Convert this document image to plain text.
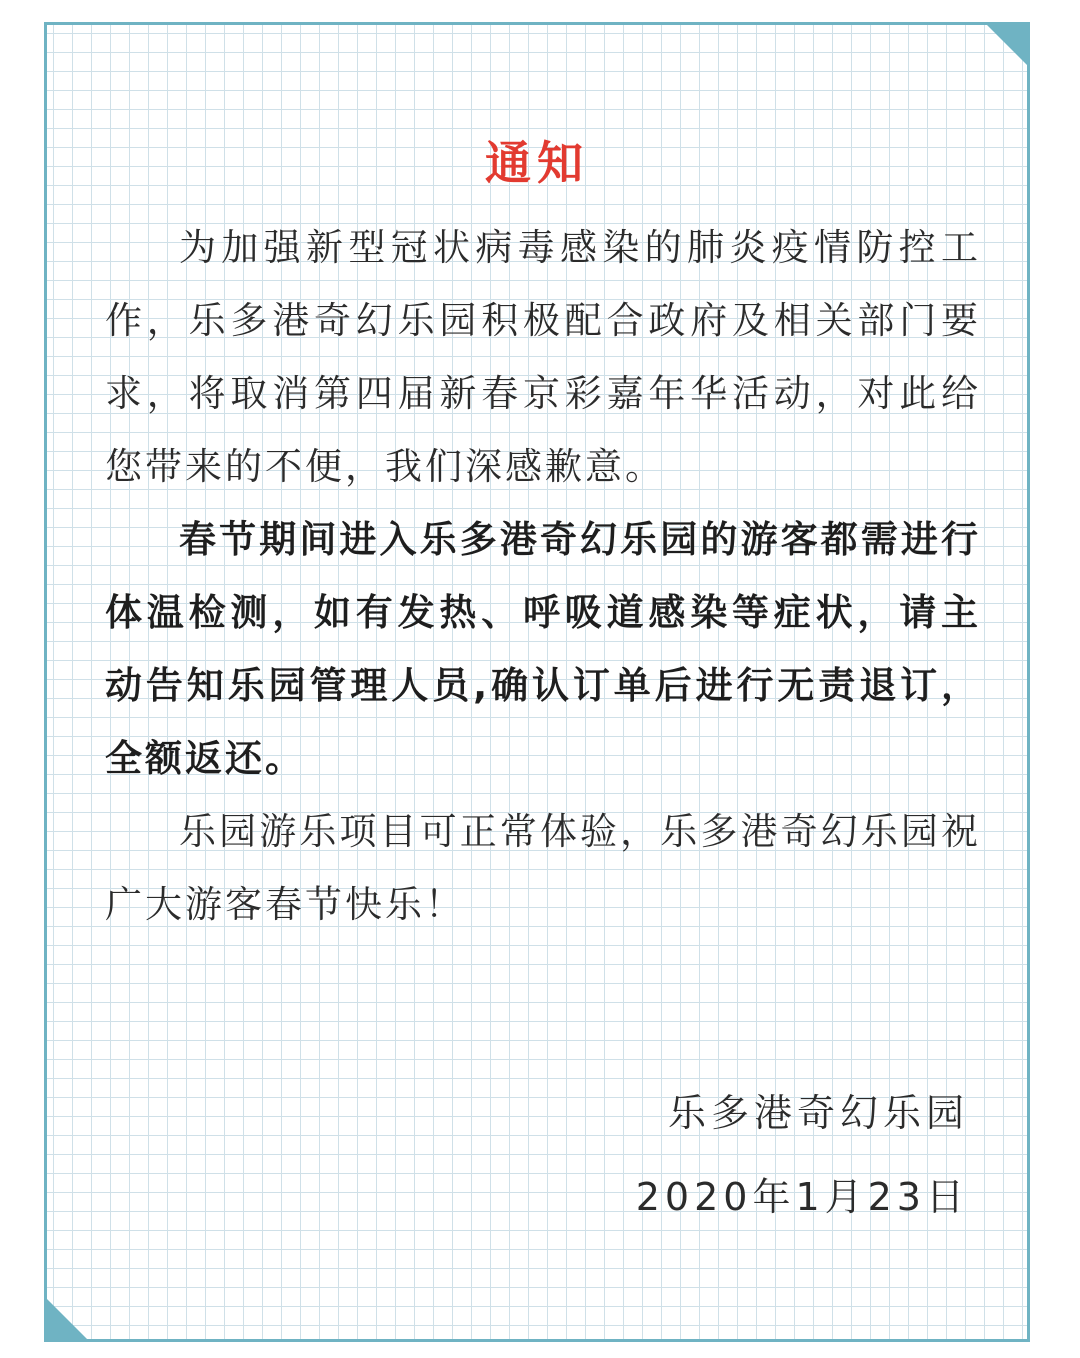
通知

为加强新型冠状病毒感染的肺炎疫情防控工作，乐多港奇幻乐园积极配合政府及相关部门要求，将取消第四届新春京彩嘉年华活动，对此给您带来的不便，我们深感歉意。

春节期间进入乐多港奇幻乐园的游客都需进行体温检测，如有发热、呼吸道感染等症状，请主动告知乐园管理人员,确认订单后进行无责退订，全额返还。

乐园游乐项目可正常体验，乐多港奇幻乐园祝广大游客春节快乐！

乐多港奇幻乐园

2020年1月23日
